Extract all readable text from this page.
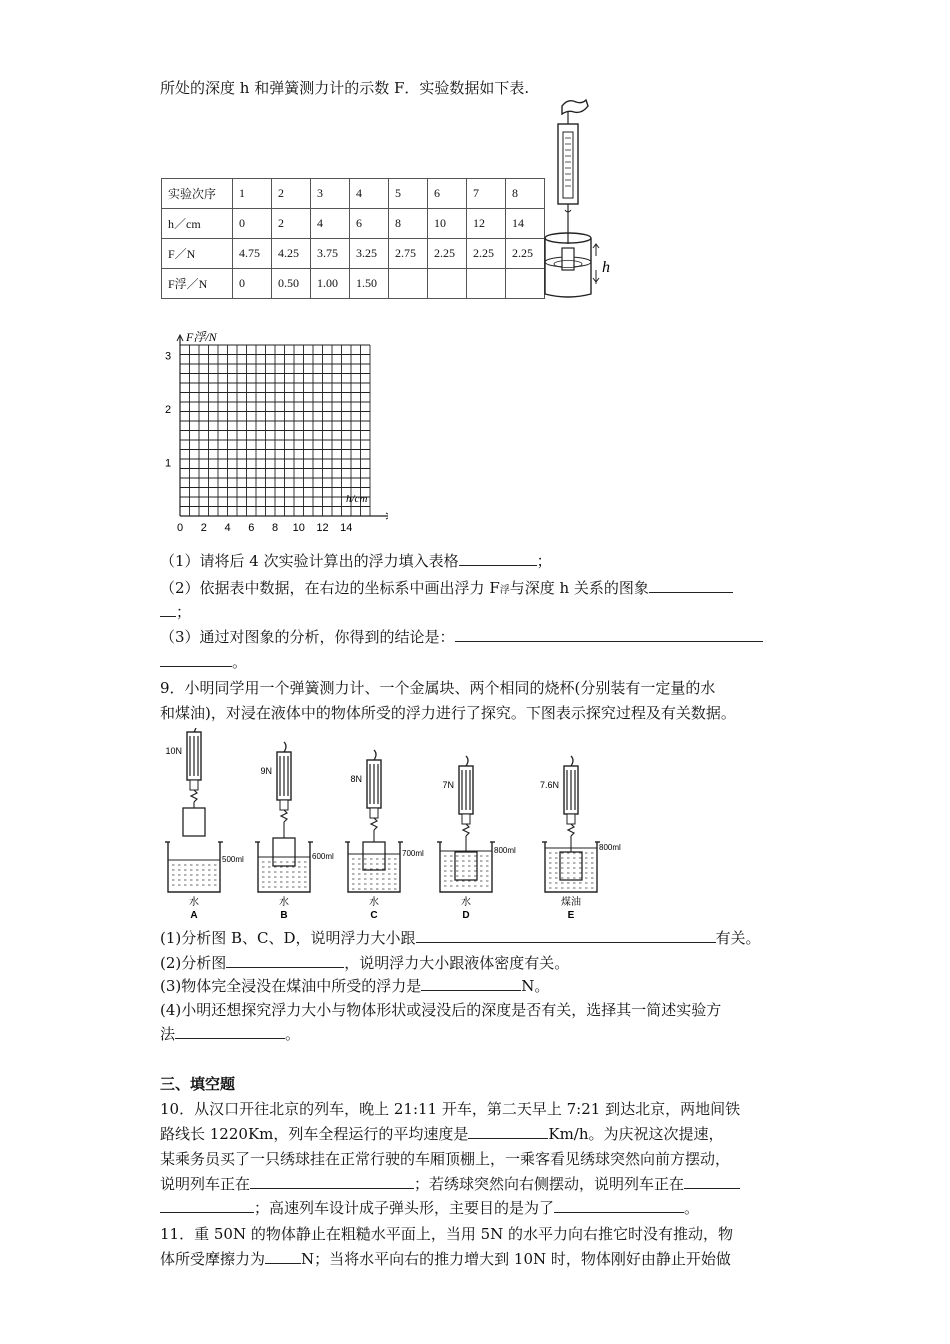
所处的深度 h 和弹簧测力计的示数 F．实验数据如下表.
实验次序	1	2	3	4	5	6	7	8
h／cm	0	2	4	6	8	10	12	14
F／N	4.75	4.25	3.75	3.25	2.75	2.25	2.25	2.25
F浮／N	0	0.50	1.00	1.50				
h
0 2 4 6 8 10 12 14
1
2
3
F浮/N
h/cm
（1）请将后 4 次实验计算出的浮力填入表格	；
（2）依据表中数据，在右边的坐标系中画出浮力 F浮与深度 h 关系的图象
；
（3）通过对图象的分析，你得到的结论是：
。
9．小明同学用一个弹簧测力计、一个金属块、两个相同的烧杯(分别装有一定量的水
和煤油)，对浸在液体中的物体所受的浮力进行了探究。下图表示探究过程及有关数据。
10N
500ml
水
A
9N
600ml
水
B
8N
700ml
水
C
7N
800ml
水
D
7.6N
800ml
煤油
E
(1)分析图 B、C、D，说明浮力大小跟	有关。
(2)分析图	，说明浮力大小跟液体密度有关。
(3)物体完全浸没在煤油中所受的浮力是	N。
(4)小明还想探究浮力大小与物体形状或浸没后的深度是否有关，选择其一简述实验方
法	。
三、填空题
10．从汉口开往北京的列车，晚上 21:11 开车，第二天早上 7:21 到达北京，两地间铁
路线长 1220Km，列车全程运行的平均速度是	Km/h。为庆祝这次提速，
某乘务员买了一只绣球挂在正常行驶的车厢顶棚上，一乘客看见绣球突然向前方摆动，
说明列车正在	；若绣球突然向右侧摆动，说明列车正在
；高速列车设计成子弹头形，主要目的是为了	。
11．重 50N 的物体静止在粗糙水平面上，当用 5N 的水平力向右推它时没有推动，物
体所受摩擦力为 N；当将水平向右的推力增大到 10N 时，物体刚好由静止开始做
